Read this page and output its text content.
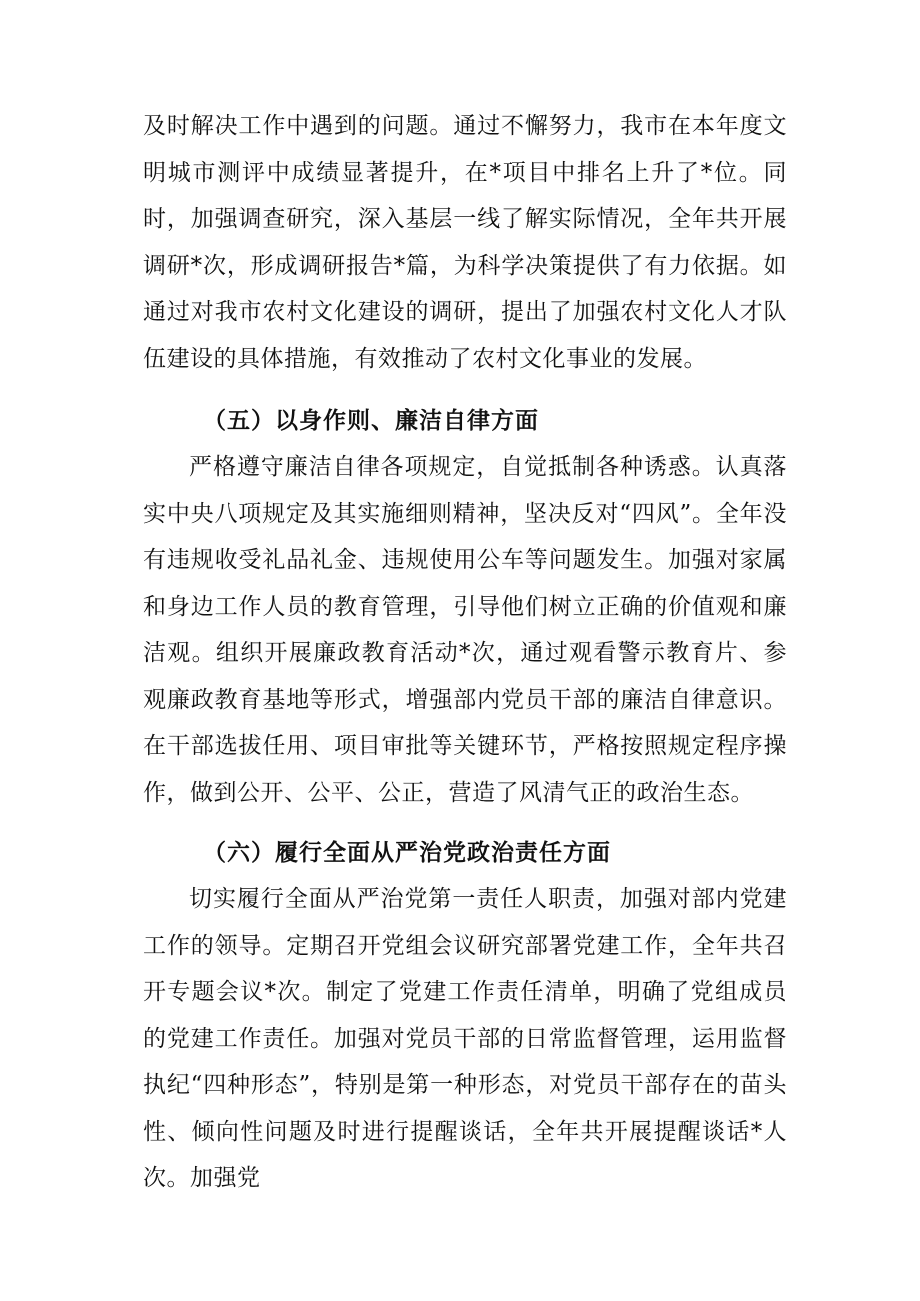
及时解决工作中遇到的问题。通过不懈努力，我市在本年度文明城市测评中成绩显著提升，在*项目中排名上升了*位。同时，加强调查研究，深入基层一线了解实际情况，全年共开展调研*次，形成调研报告*篇，为科学决策提供了有力依据。如通过对我市农村文化建设的调研，提出了加强农村文化人才队伍建设的具体措施，有效推动了农村文化事业的发展。

（五）以身作则、廉洁自律方面

严格遵守廉洁自律各项规定，自觉抵制各种诱惑。认真落实中央八项规定及其实施细则精神，坚决反对“四风”。全年没有违规收受礼品礼金、违规使用公车等问题发生。加强对家属和身边工作人员的教育管理，引导他们树立正确的价值观和廉洁观。组织开展廉政教育活动*次，通过观看警示教育片、参观廉政教育基地等形式，增强部内党员干部的廉洁自律意识。在干部选拔任用、项目审批等关键环节，严格按照规定程序操作，做到公开、公平、公正，营造了风清气正的政治生态。

（六）履行全面从严治党政治责任方面

切实履行全面从严治党第一责任人职责，加强对部内党建工作的领导。定期召开党组会议研究部署党建工作，全年共召开专题会议*次。制定了党建工作责任清单，明确了党组成员的党建工作责任。加强对党员干部的日常监督管理，运用监督执纪“四种形态”，特别是第一种形态，对党员干部存在的苗头性、倾向性问题及时进行提醒谈话，全年共开展提醒谈话*人次。加强党
